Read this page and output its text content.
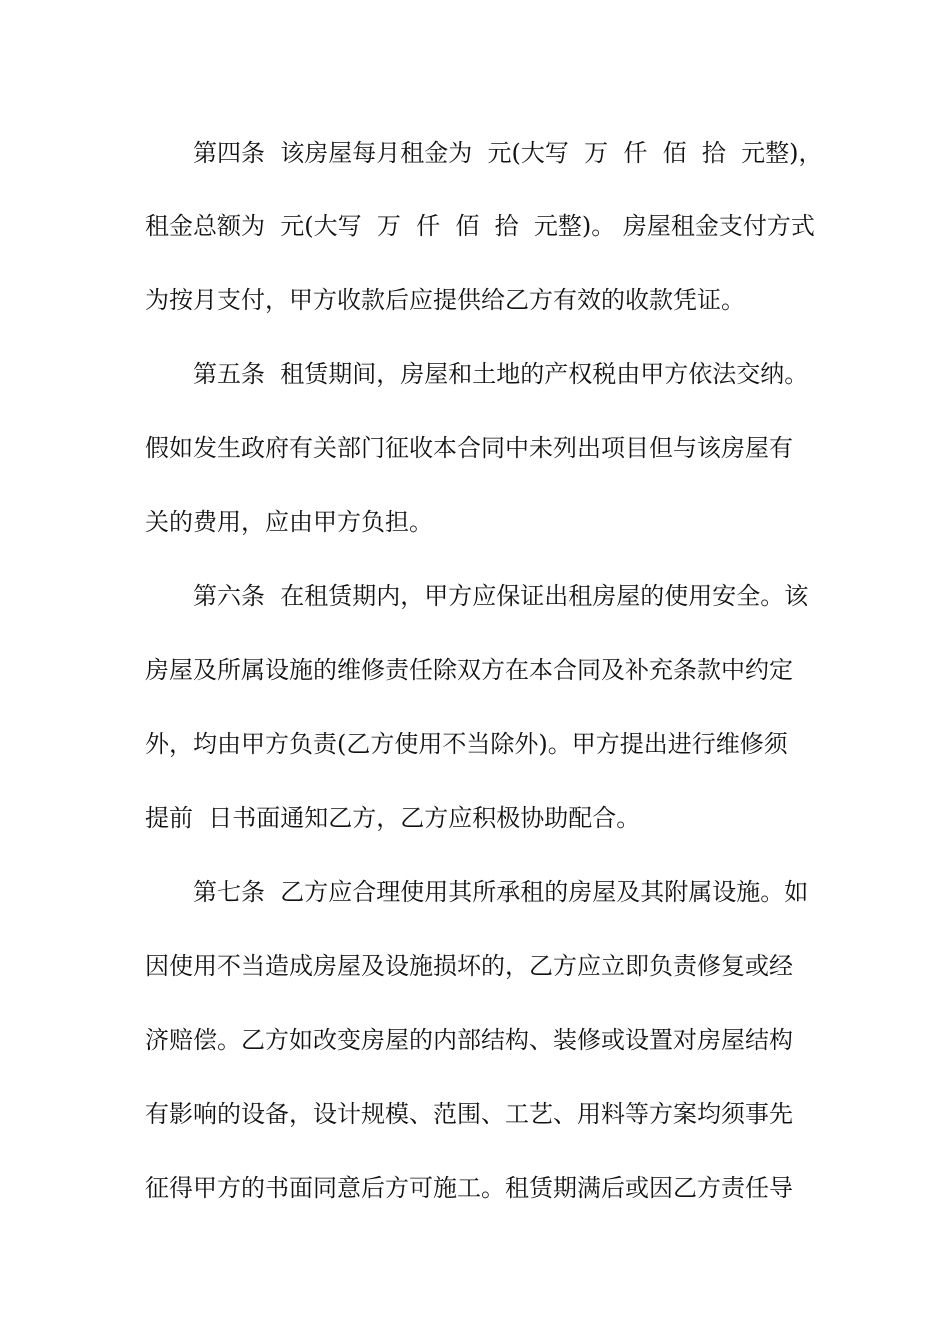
第四条  该房屋每月租金为  元(大写  万  仟  佰  拾  元整)，
租金总额为  元(大写  万  仟  佰  拾  元整)。 房屋租金支付方式
为按月支付，甲方收款后应提供给乙方有效的收款凭证。
第五条  租赁期间，房屋和土地的产权税由甲方依法交纳。
假如发生政府有关部门征收本合同中未列出项目但与该房屋有
关的费用，应由甲方负担。
第六条  在租赁期内，甲方应保证出租房屋的使用安全。该
房屋及所属设施的维修责任除双方在本合同及补充条款中约定
外，均由甲方负责(乙方使用不当除外)。甲方提出进行维修须
提前  日书面通知乙方，乙方应积极协助配合。
第七条  乙方应合理使用其所承租的房屋及其附属设施。如
因使用不当造成房屋及设施损坏的，乙方应立即负责修复或经
济赔偿。乙方如改变房屋的内部结构、装修或设置对房屋结构
有影响的设备，设计规模、范围、工艺、用料等方案均须事先
征得甲方的书面同意后方可施工。租赁期满后或因乙方责任导
